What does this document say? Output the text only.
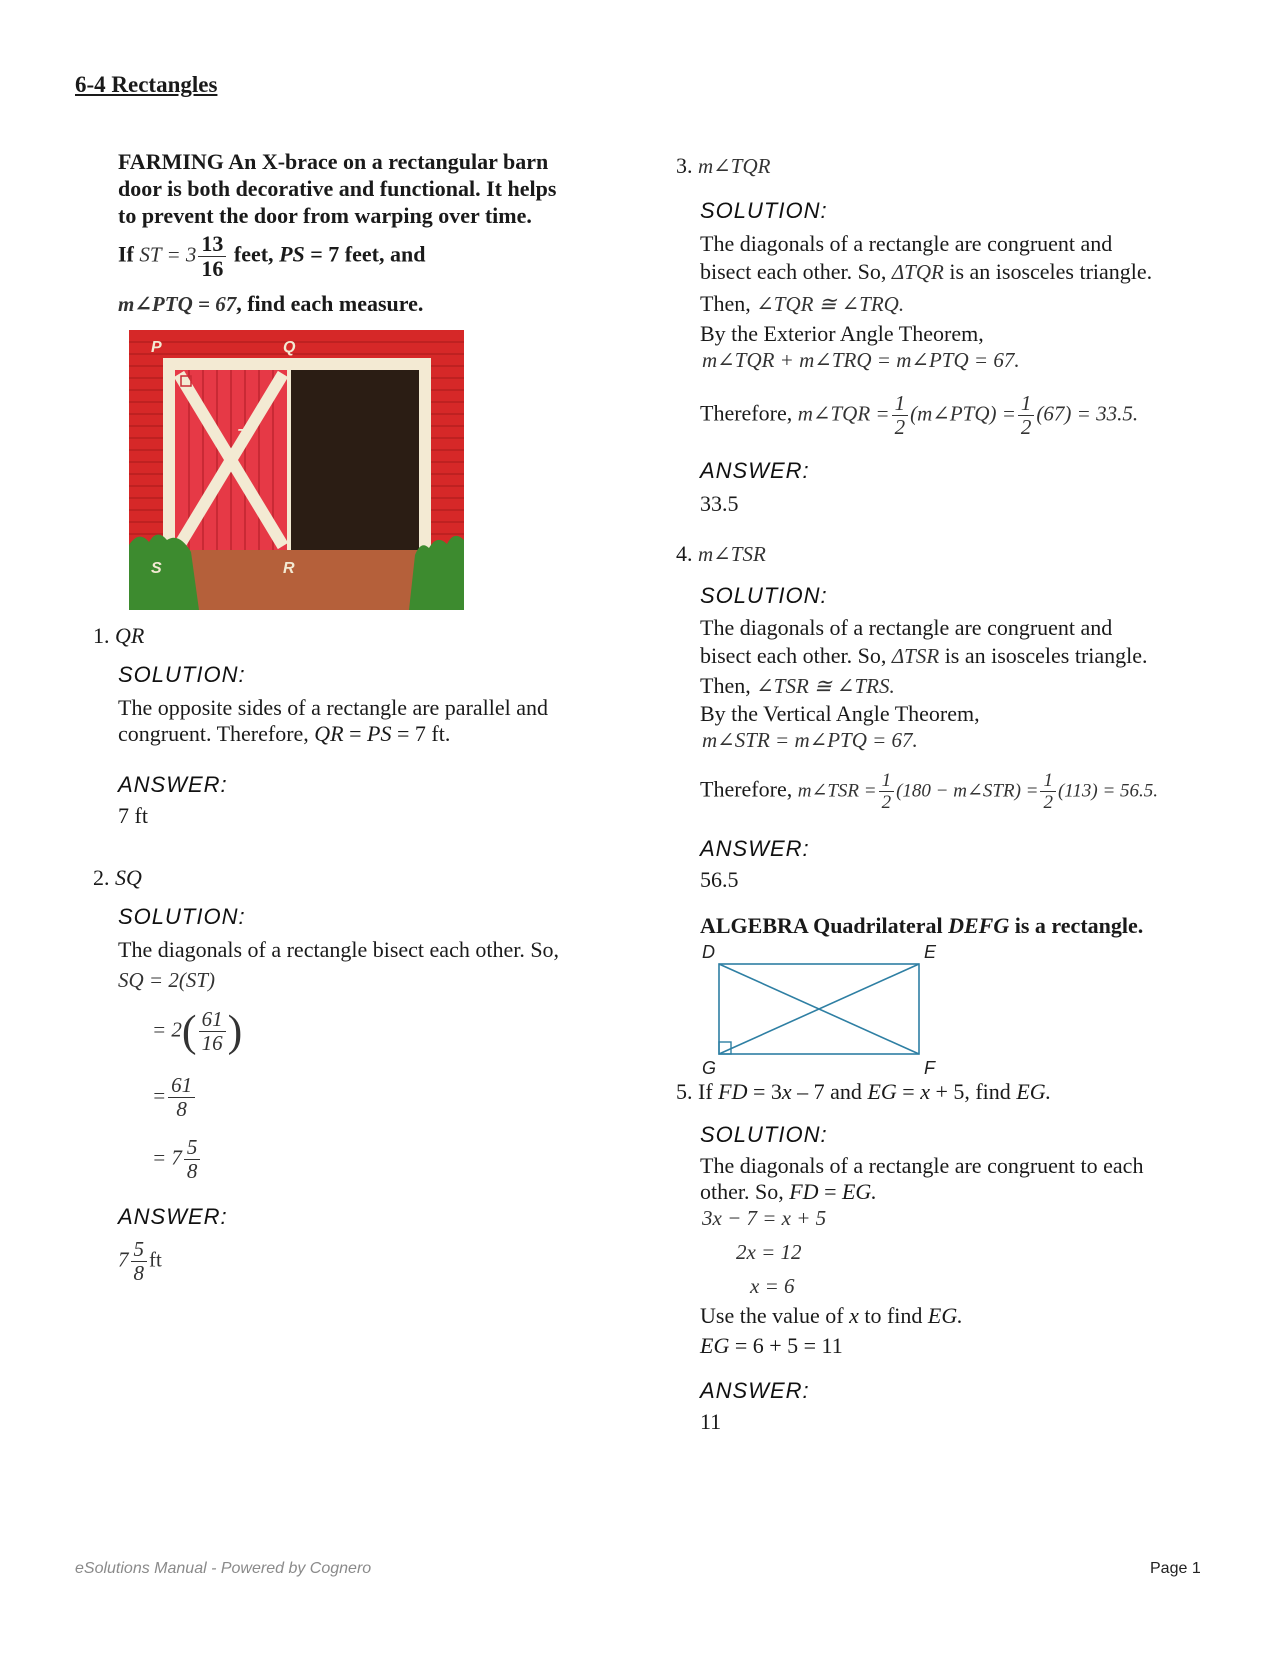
6-4 Rectangles
FARMING An X-brace on a rectangular barn
door is both decorative and functional. It helps
to prevent the door from warping over time.
If ST = $3 \frac{13}{16}$ feet, PS = 7 feet, and
m∠PTQ = 67, find each measure.
P	Q
T
S	R
1. QR
SOLUTION:
The opposite sides of a rectangle are parallel and
congruent. Therefore, QR = PS = 7 ft.
ANSWER:
7 ft
2. SQ
SOLUTION:
The diagonals of a rectangle bisect each other. So,
SQ = 2(ST)
= $2( \frac{61}{16}$ )
= $\frac{61}{8}$
= $7 \frac{5}{8}$
ANSWER:
$7 \frac{5}{8}$ ft
3. m∠TQR
SOLUTION:
The diagonals of a rectangle are congruent and
bisect each other. So, ΔTQR is an isosceles triangle.
Then, ∠TQR ≅ ∠TRQ.
By the Exterior Angle Theorem,
m∠TQR + m∠TRQ = m∠PTQ = 67.
Therefore, m∠TQR = $\frac{1}{2}$ (m∠PTQ) = $\frac{1}{2} (67) = 33.5$.
ANSWER:
33.5
4. m∠TSR
SOLUTION:
The diagonals of a rectangle are congruent and
bisect each other. So, ΔTSR is an isosceles triangle.
Then, ∠TSR ≅ ∠TRS.
By the Vertical Angle Theorem,
m∠STR = m∠PTQ = 67.
Therefore, m∠TSR = $\frac{1}{2} (180$ − m∠STR) = $\frac{1}{2} (113) = 56.5$.
ANSWER:
56.5
ALGEBRA Quadrilateral DEFG is a rectangle.
D	E
F
G
5. If FD = 3x – 7 and EG = x + 5, find EG.
SOLUTION:
The diagonals of a rectangle are congruent to each
other. So, FD = EG.
3x − 7 = x + 5
2x = 12
x = 6
Use the value of x to find EG.
EG = 6 + 5 = 11
ANSWER:
11
eSolutions Manual - Powered by Cognero	Page 1
